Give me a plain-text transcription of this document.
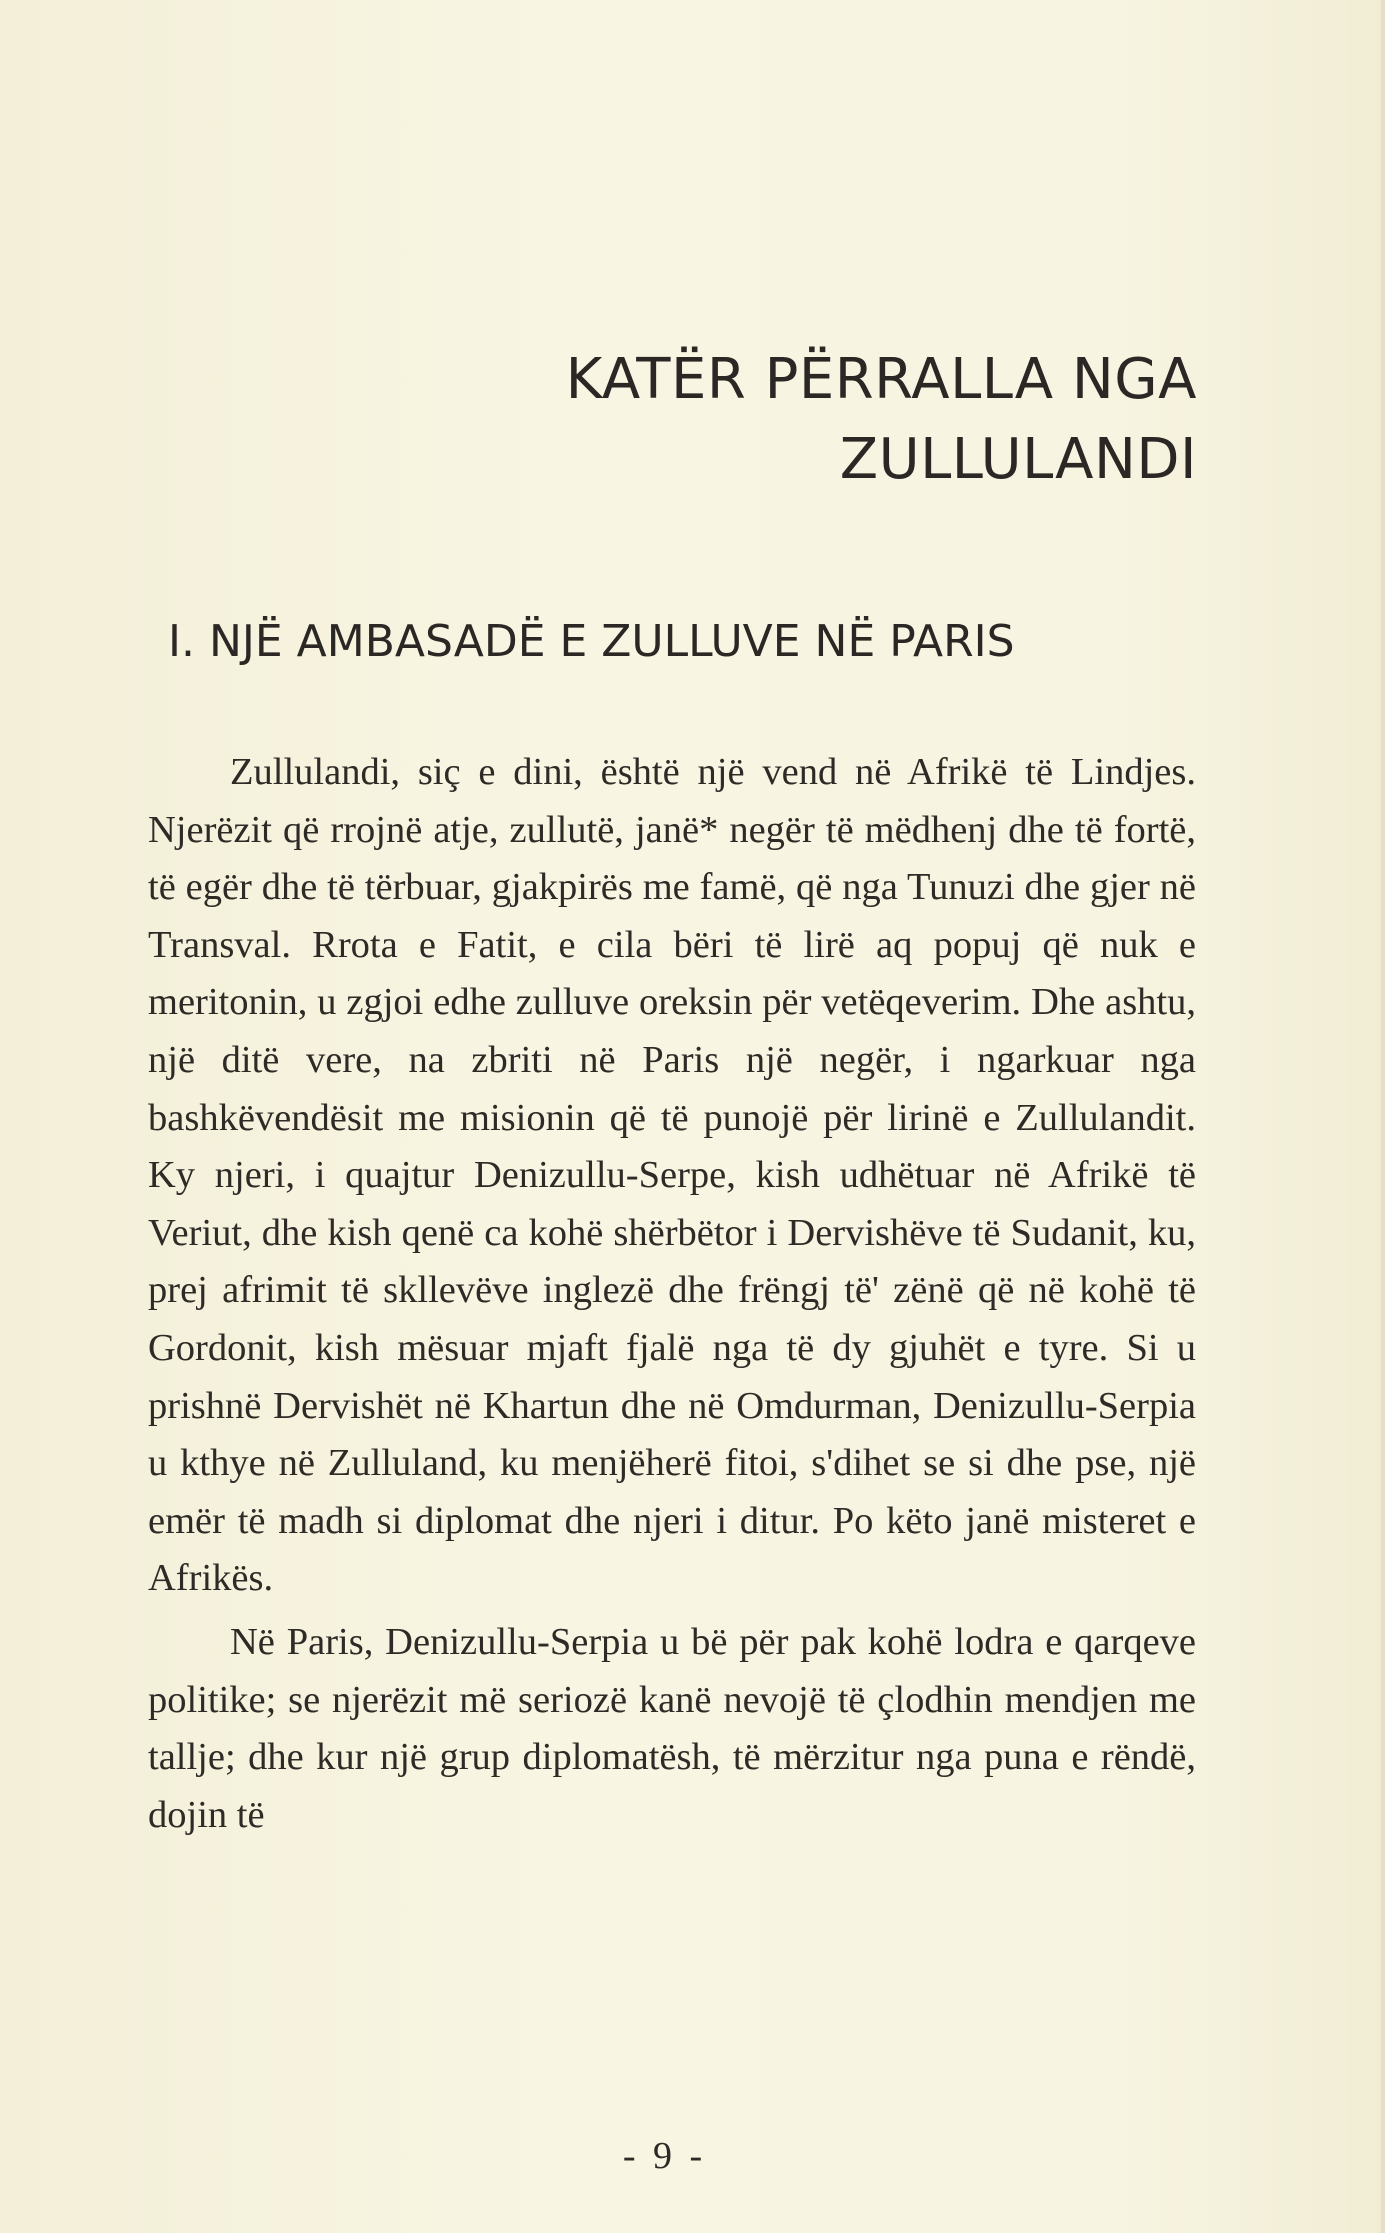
KATËR PËRRALLA NGA
ZULLULANDI
I. NJË AMBASADË E ZULLUVE NË PARIS

Zullulandi, siç e dini, është një vend në Afrikë të Lindjes. Njerëzit që rrojnë atje, zullutë, janë* negër të mëdhenj dhe të fortë, të egër dhe të tërbuar, gjakpirës me famë, që nga Tunuzi dhe gjer në Transval. Rrota e Fatit, e cila bëri të lirë aq popuj që nuk e meritonin, u zgjoi edhe zulluve oreksin për vetëqeverim. Dhe ashtu, një ditë vere, na zbriti në Paris një negër, i ngarkuar nga bashkëvendësit me misionin që të punojë për lirinë e Zullulandit. Ky njeri, i quajtur Denizullu-Serpe, kish udhëtuar në Afrikë të Veriut, dhe kish qenë ca kohë shërbëtor i Dervishëve të Sudanit, ku, prej afrimit të skllevëve inglezë dhe frëngj të' zënë që në kohë të Gordonit, kish mësuar mjaft fjalë nga të dy gjuhët e tyre. Si u prishnë Dervishët në Khartun dhe në Omdurman, Denizullu-Serpia u kthye në Zulluland, ku menjëherë fitoi, s'dihet se si dhe pse, një emër të madh si diplomat dhe njeri i ditur. Po këto janë misteret e Afrikës.

Në Paris, Denizullu-Serpia u bë për pak kohë lodra e qarqeve politike; se njerëzit më seriozë kanë nevojë të çlodhin mendjen me tallje; dhe kur një grup diplomatësh, të mërzitur nga puna e rëndë, dojin të

- 9 -
